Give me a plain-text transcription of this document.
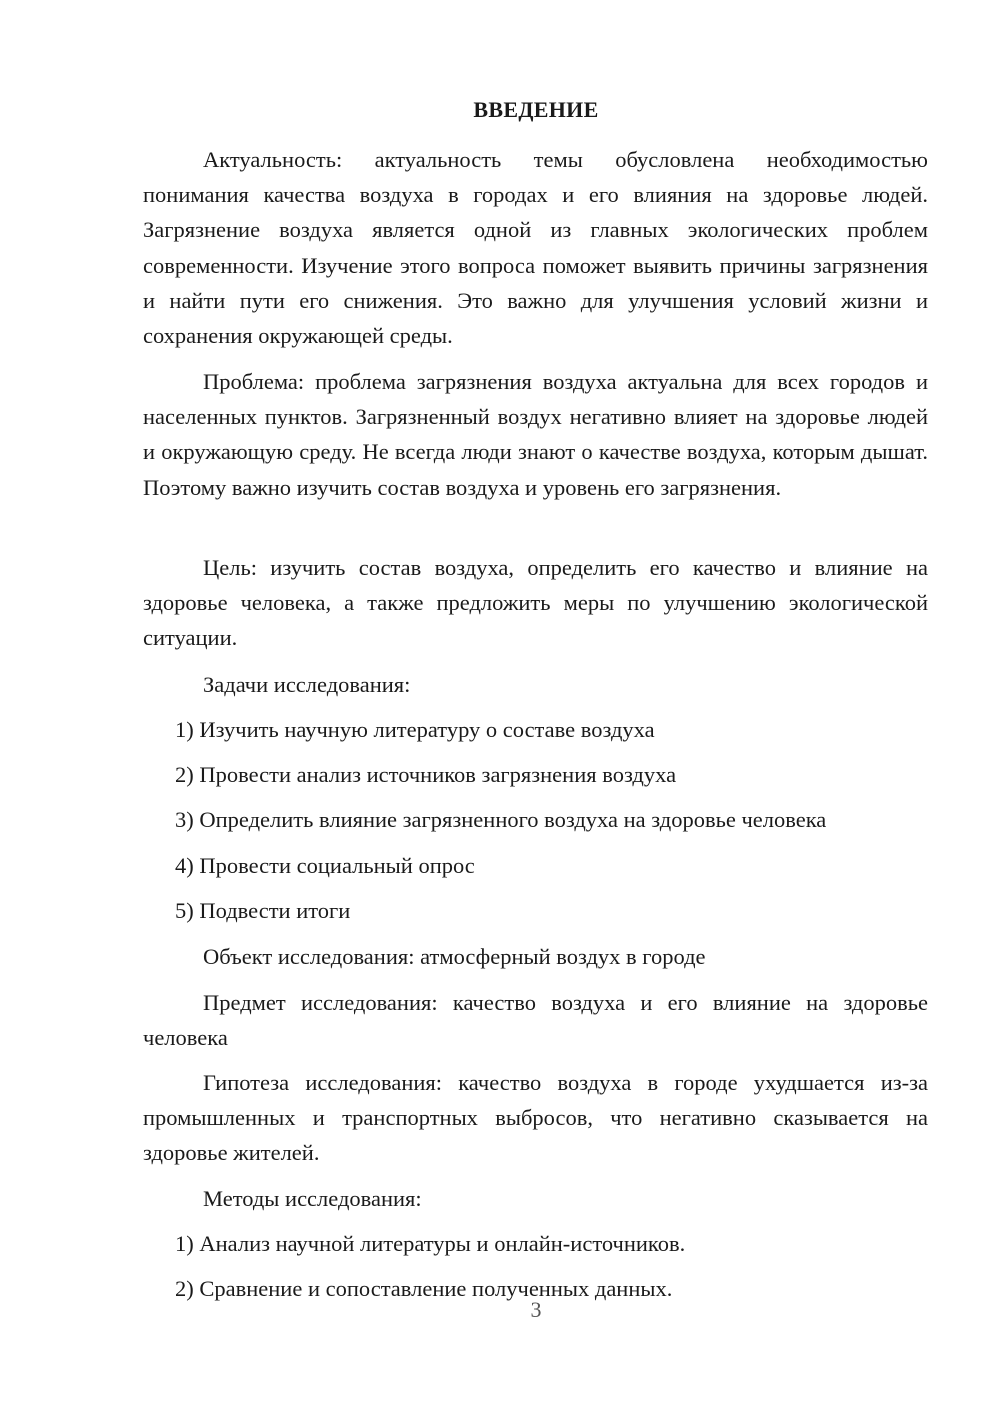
ВВЕДЕНИЕ

Актуальность: актуальность темы обусловлена необходимостью понимания качества воздуха в городах и его влияния на здоровье людей. Загрязнение воздуха является одной из главных экологических проблем современности. Изучение этого вопроса поможет выявить причины загрязнения и найти пути его снижения. Это важно для улучшения условий жизни и сохранения окружающей среды.

Проблема: проблема загрязнения воздуха актуальна для всех городов и населенных пунктов. Загрязненный воздух негативно влияет на здоровье людей и окружающую среду. Не всегда люди знают о качестве воздуха, которым дышат. Поэтому важно изучить состав воздуха и уровень его загрязнения.

Цель: изучить состав воздуха, определить его качество и влияние на здоровье человека, а также предложить меры по улучшению экологической ситуации.

Задачи исследования:

1) Изучить научную литературу о составе воздуха

2) Провести анализ источников загрязнения воздуха

3) Определить влияние загрязненного воздуха на здоровье человека

4) Провести социальный опрос

5) Подвести итоги

Объект исследования: атмосферный воздух в городе

Предмет исследования: качество воздуха и его влияние на здоровье человека

Гипотеза исследования: качество воздуха в городе ухудшается из-за промышленных и транспортных выбросов, что негативно сказывается на здоровье жителей.

Методы исследования:

1) Анализ научной литературы и онлайн-источников.

2) Сравнение и сопоставление полученных данных.

3
